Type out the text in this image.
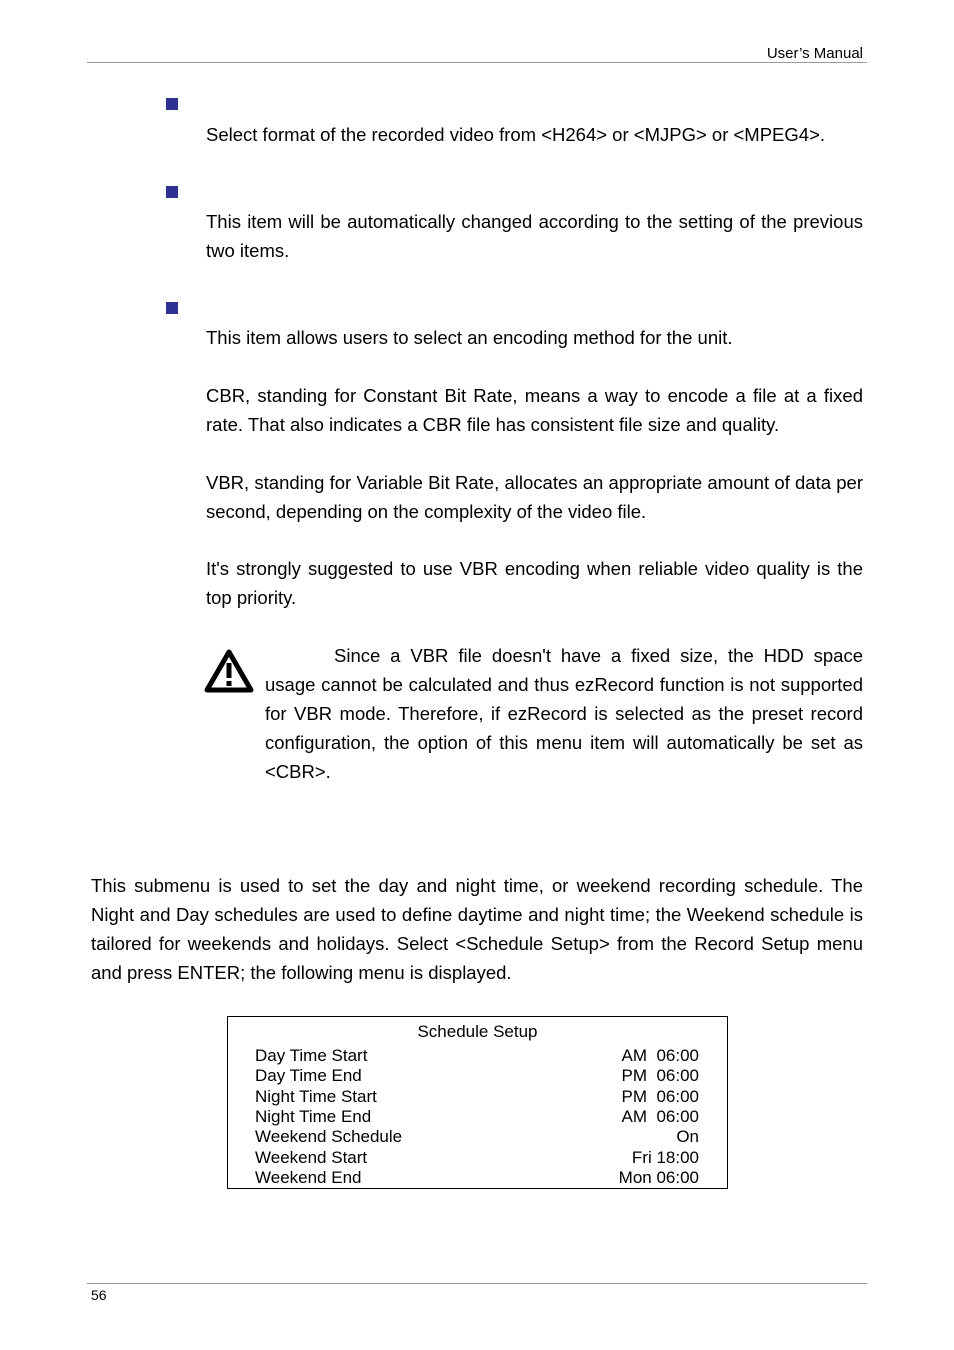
User’s Manual

Select format of the recorded video from <H264> or <MJPG> or <MPEG4>.

This item will be automatically changed according to the setting of the previous two items.

This item allows users to select an encoding method for the unit.

CBR, standing for Constant Bit Rate, means a way to encode a file at a fixed rate. That also indicates a CBR file has consistent file size and quality.

VBR, standing for Variable Bit Rate, allocates an appropriate amount of data per second, depending on the complexity of the video file.

It's strongly suggested to use VBR encoding when reliable video quality is the top priority.

Since a VBR file doesn't have a fixed size, the HDD space usage cannot be calculated and thus ezRecord function is not supported for VBR mode. Therefore, if ezRecord is selected as the preset record configuration, the option of this menu item will automatically be set as <CBR>.

This submenu is used to set the day and night time, or weekend recording schedule. The Night and Day schedules are used to define daytime and night time; the Weekend schedule is tailored for weekends and holidays. Select <Schedule Setup> from the Record Setup menu and press ENTER; the following menu is displayed.

Schedule Setup
Day Time Start	AM  06:00
Day Time End	PM  06:00
Night Time Start	PM  06:00
Night Time End	AM  06:00
Weekend Schedule	On
Weekend Start	Fri 18:00
Weekend End	Mon 06:00
56
